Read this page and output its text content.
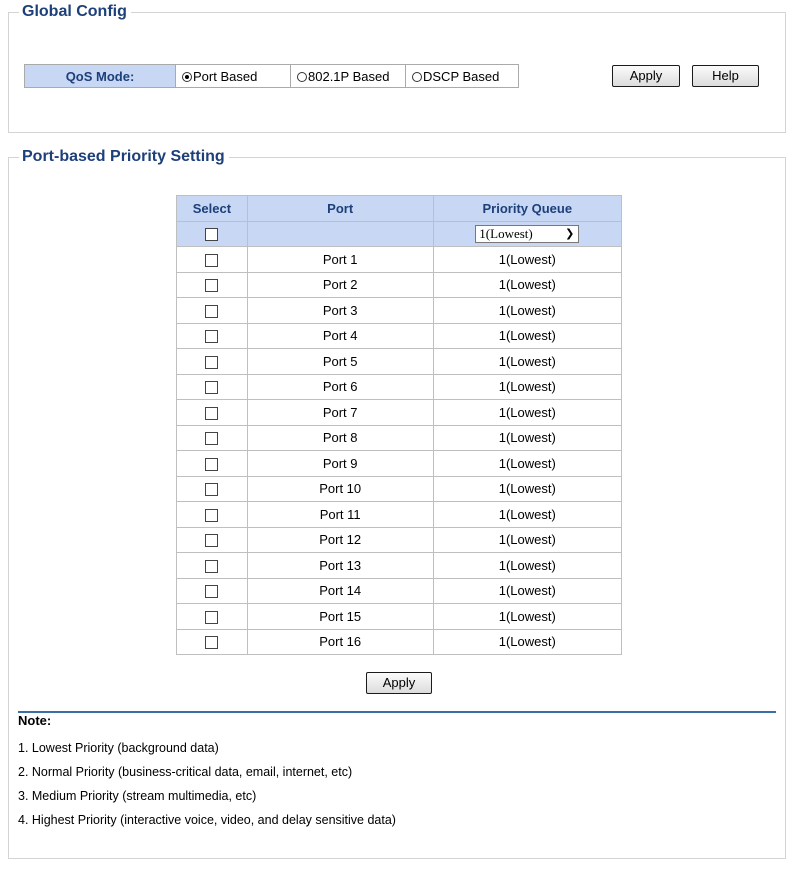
Global Config
QoS Mode:	Port Based	802.1P Based	DSCP Based	Apply	Help
Port-based Priority Setting
Select	Port	Priority Queue
		1(Lowest) ❯

	Port 1	1(Lowest)
	Port 2	1(Lowest)
	Port 3	1(Lowest)
	Port 4	1(Lowest)
	Port 5	1(Lowest)
	Port 6	1(Lowest)
	Port 7	1(Lowest)
	Port 8	1(Lowest)
	Port 9	1(Lowest)
	Port 10	1(Lowest)
	Port 11	1(Lowest)
	Port 12	1(Lowest)
	Port 13	1(Lowest)
	Port 14	1(Lowest)
	Port 15	1(Lowest)
	Port 16	1(Lowest)
Apply
Note:
1. Lowest Priority (background data)
2. Normal Priority (business-critical data, email, internet, etc)
3. Medium Priority (stream multimedia, etc)
4. Highest Priority (interactive voice, video, and delay sensitive data)
